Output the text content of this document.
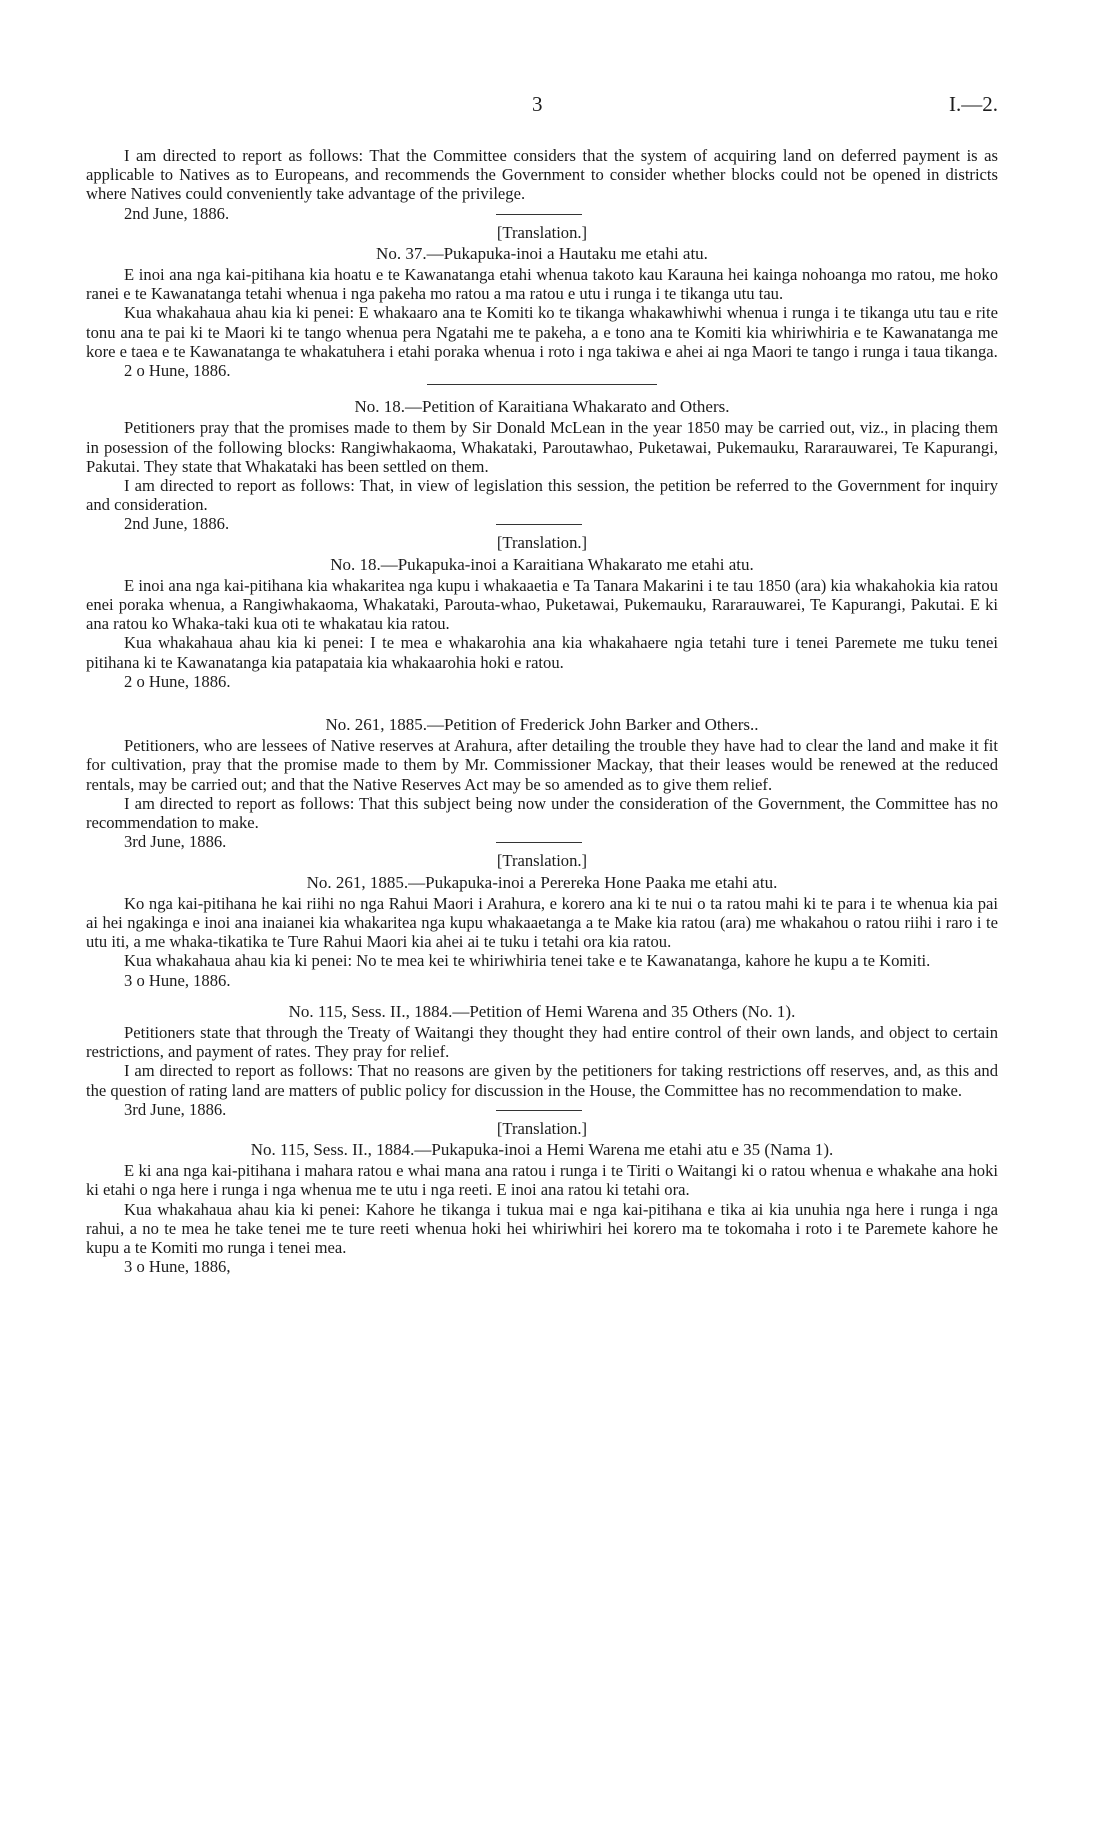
3	I.—2.

I am directed to report as follows: That the Committee considers that the system of acquiring land on deferred payment is as applicable to Natives as to Europeans, and recommends the Government to consider whether blocks could not be opened in districts where Natives could conveniently take advantage of the privilege.

2nd June, 1886.

[Translation.]

No. 37.—Pukapuka-inoi a Hautaku me etahi atu.

E inoi ana nga kai-pitihana kia hoatu e te Kawanatanga etahi whenua takoto kau Karauna hei kainga nohoanga mo ratou, me hoko ranei e te Kawanatanga tetahi whenua i nga pakeha mo ratou a ma ratou e utu i runga i te tikanga utu tau.

Kua whakahaua ahau kia ki penei: E whakaaro ana te Komiti ko te tikanga whakawhiwhi whenua i runga i te tikanga utu tau e rite tonu ana te pai ki te Maori ki te tango whenua pera Ngatahi me te pakeha, a e tono ana te Komiti kia whiriwhiria e te Kawanatanga me kore e taea e te Kawanatanga te whakatuhera i etahi poraka whenua i roto i nga takiwa e ahei ai nga Maori te tango i runga i taua tikanga.

2 o Hune, 1886.

No. 18.—Petition of Karaitiana Whakarato and Others.

Petitioners pray that the promises made to them by Sir Donald McLean in the year 1850 may be carried out, viz., in placing them in posession of the following blocks: Rangiwhakaoma, Whakataki, Paroutawhao, Puketawai, Pukemauku, Rararauwarei, Te Kapurangi, Pakutai. They state that Whakataki has been settled on them.

I am directed to report as follows: That, in view of legislation this session, the petition be referred to the Government for inquiry and consideration.

2nd June, 1886.

[Translation.]

No. 18.—Pukapuka-inoi a Karaitiana Whakarato me etahi atu.

E inoi ana nga kai-pitihana kia whakaritea nga kupu i whakaaetia e Ta Tanara Makarini i te tau 1850 (ara) kia whakahokia kia ratou enei poraka whenua, a Rangiwhakaoma, Whakataki, Parouta-whao, Puketawai, Pukemauku, Rararauwarei, Te Kapurangi, Pakutai. E ki ana ratou ko Whaka-taki kua oti te whakatau kia ratou.

Kua whakahaua ahau kia ki penei: I te mea e whakarohia ana kia whakahaere ngia tetahi ture i tenei Paremete me tuku tenei pitihana ki te Kawanatanga kia patapataia kia whakaarohia hoki e ratou.

2 o Hune, 1886.

No. 261, 1885.—Petition of Frederick John Barker and Others..

Petitioners, who are lessees of Native reserves at Arahura, after detailing the trouble they have had to clear the land and make it fit for cultivation, pray that the promise made to them by Mr. Commissioner Mackay, that their leases would be renewed at the reduced rentals, may be carried out; and that the Native Reserves Act may be so amended as to give them relief.

I am directed to report as follows: That this subject being now under the consideration of the Government, the Committee has no recommendation to make.

3rd June, 1886.

[Translation.]

No. 261, 1885.—Pukapuka-inoi a Perereka Hone Paaka me etahi atu.

Ko nga kai-pitihana he kai riihi no nga Rahui Maori i Arahura, e korero ana ki te nui o ta ratou mahi ki te para i te whenua kia pai ai hei ngakinga e inoi ana inaianei kia whakaritea nga kupu whakaaetanga a te Make kia ratou (ara) me whakahou o ratou riihi i raro i te utu iti, a me whaka-tikatika te Ture Rahui Maori kia ahei ai te tuku i tetahi ora kia ratou.

Kua whakahaua ahau kia ki penei: No te mea kei te whiriwhiria tenei take e te Kawanatanga, kahore he kupu a te Komiti.

3 o Hune, 1886.

No. 115, Sess. II., 1884.—Petition of Hemi Warena and 35 Others (No. 1).

Petitioners state that through the Treaty of Waitangi they thought they had entire control of their own lands, and object to certain restrictions, and payment of rates. They pray for relief.

I am directed to report as follows: That no reasons are given by the petitioners for taking restrictions off reserves, and, as this and the question of rating land are matters of public policy for discussion in the House, the Committee has no recommendation to make.

3rd June, 1886.

[Translation.]

No. 115, Sess. II., 1884.—Pukapuka-inoi a Hemi Warena me etahi atu e 35 (Nama 1).

E ki ana nga kai-pitihana i mahara ratou e whai mana ana ratou i runga i te Tiriti o Waitangi ki o ratou whenua e whakahe ana hoki ki etahi o nga here i runga i nga whenua me te utu i nga reeti. E inoi ana ratou ki tetahi ora.

Kua whakahaua ahau kia ki penei: Kahore he tikanga i tukua mai e nga kai-pitihana e tika ai kia unuhia nga here i runga i nga rahui, a no te mea he take tenei me te ture reeti whenua hoki hei whiriwhiri hei korero ma te tokomaha i roto i te Paremete kahore he kupu a te Komiti mo runga i tenei mea.

3 o Hune, 1886,
